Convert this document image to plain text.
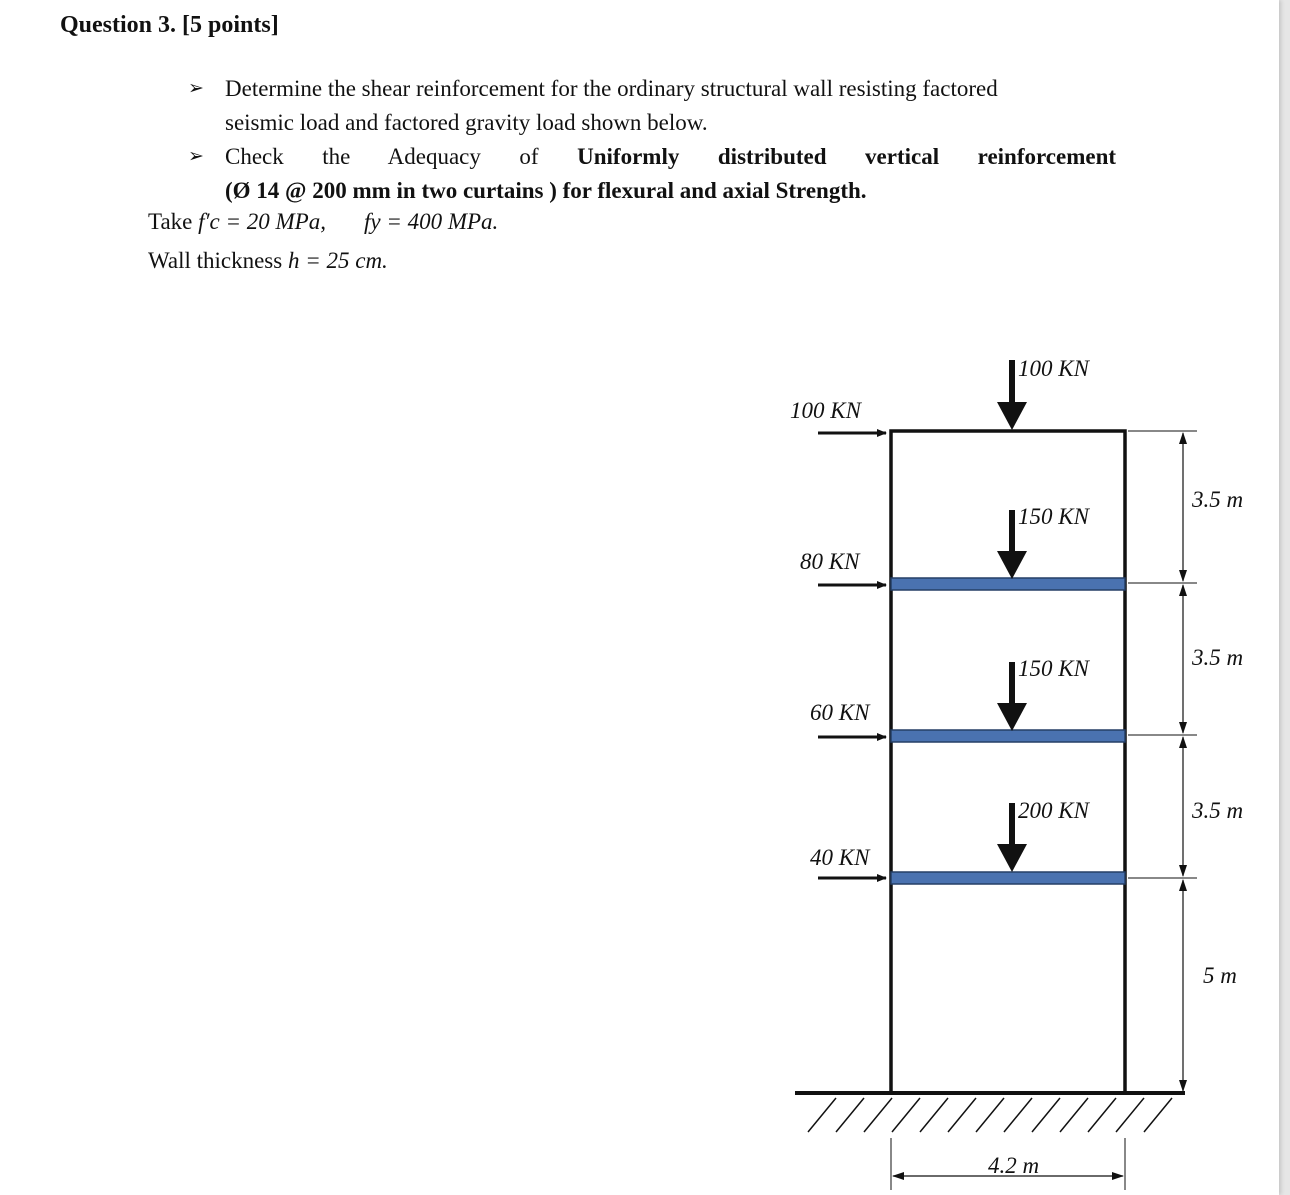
Question 3. [5 points]
➢ Determine the shear reinforcement for the ordinary structural wall resisting factored

seismic load and factored gravity load shown below.

➢ Check the Adequacy of Uniformly distributed vertical reinforcement

(Ø 14 @ 200 mm in two curtains ) for flexural and axial Strength.

Take f′c = 20 MPa, fy = 400 MPa.
Wall thickness h = 25 cm.
100 KN
80 KN
60 KN
40 KN
100 KN
150 KN
150 KN
200 KN
3.5 m
3.5 m
3.5 m
5 m
4.2 m
